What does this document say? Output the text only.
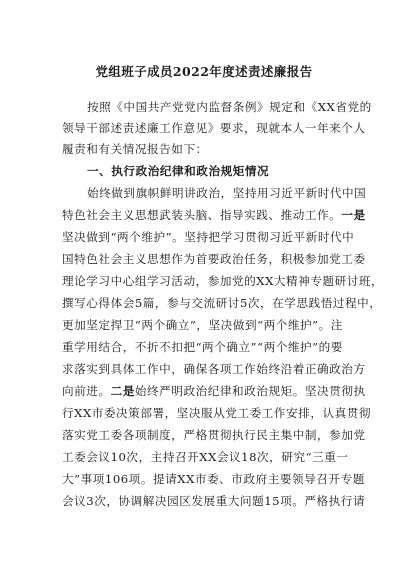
党组班子成员2022年度述责述廉报告
按照《中国共产党党内监督条例》规定和《XX省党的
领导干部述责述廉工作意见》要求，现就本人一年来个人
履责和有关情况报告如下：
一、执行政治纪律和政治规矩情况
始终做到旗帜鲜明讲政治，坚持用习近平新时代中国
特色社会主义思想武装头脑、指导实践、推动工作。一是
坚决做到“两个维护”。坚持把学习贯彻习近平新时代中
国特色社会主义思想作为首要政治任务，积极参加党工委
理论学习中心组学习活动，参加党的XX大精神专题研讨班，
撰写心得体会5篇，参与交流研讨5次，在学思践悟过程中，
更加坚定捍卫“两个确立”，坚决做到“两个维护”。注
重学用结合，不折不扣把“两个确立”“两个维护”的要
求落实到具体工作中，确保各项工作始终沿着正确政治方
向前进。二是始终严明政治纪律和政治规矩。坚决贯彻执
行XX市委决策部署，坚决服从党工委工作安排，认真贯彻
落实党工委各项制度，严格贯彻执行民主集中制，参加党
工委会议10次，主持召开XX会议18次，研究“三重一
大”事项106项。提请XX市委、市政府主要领导召开专题
会议3次，协调解决园区发展重大问题15项。严格执行请
